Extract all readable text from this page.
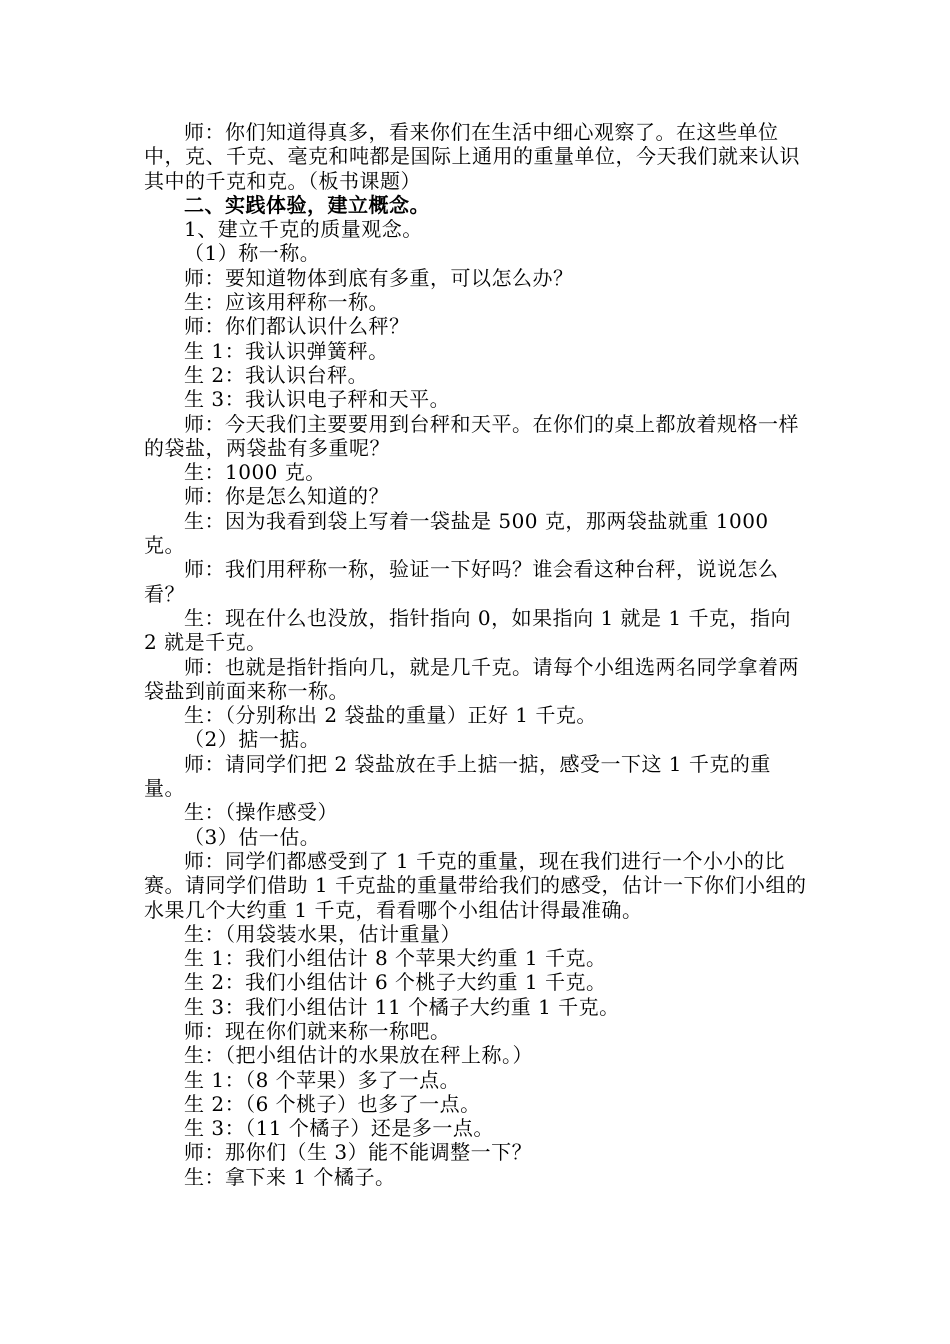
师：你们知道得真多，看来你们在生活中细心观察了。在这些单位中，克、千克、毫克和吨都是国际上通用的重量单位，今天我们就来认识其中的千克和克。（板书课题）

二、实践体验，建立概念。

1、建立千克的质量观念。

（1）称一称。

师：要知道物体到底有多重，可以怎么办？

生：应该用秤称一称。

师：你们都认识什么秤？

生 1：我认识弹簧秤。

生 2：我认识台秤。

生 3：我认识电子秤和天平。

师：今天我们主要要用到台秤和天平。在你们的桌上都放着规格一样的袋盐，两袋盐有多重呢？

生：1000 克。

师：你是怎么知道的？

生：因为我看到袋上写着一袋盐是 500 克，那两袋盐就重 1000 克。

师：我们用秤称一称，验证一下好吗？谁会看这种台秤，说说怎么看？

生：现在什么也没放，指针指向 0，如果指向 1 就是 1 千克，指向 2 就是千克。

师：也就是指针指向几，就是几千克。请每个小组选两名同学拿着两袋盐到前面来称一称。

生：（分别称出 2 袋盐的重量）正好 1 千克。

（2）掂一掂。

师：请同学们把 2 袋盐放在手上掂一掂，感受一下这 1 千克的重量。

生：（操作感受）

（3）估一估。

师：同学们都感受到了 1 千克的重量，现在我们进行一个小小的比赛。请同学们借助 1 千克盐的重量带给我们的感受，估计一下你们小组的水果几个大约重 1 千克，看看哪个小组估计得最准确。

生：（用袋装水果，估计重量）

生 1：我们小组估计 8 个苹果大约重 1 千克。

生 2：我们小组估计 6 个桃子大约重 1 千克。

生 3：我们小组估计 11 个橘子大约重 1 千克。

师：现在你们就来称一称吧。

生：（把小组估计的水果放在秤上称。）

生 1：（8 个苹果）多了一点。

生 2：（6 个桃子）也多了一点。

生 3：（11 个橘子）还是多一点。

师：那你们（生 3）能不能调整一下？

生：拿下来 1 个橘子。
